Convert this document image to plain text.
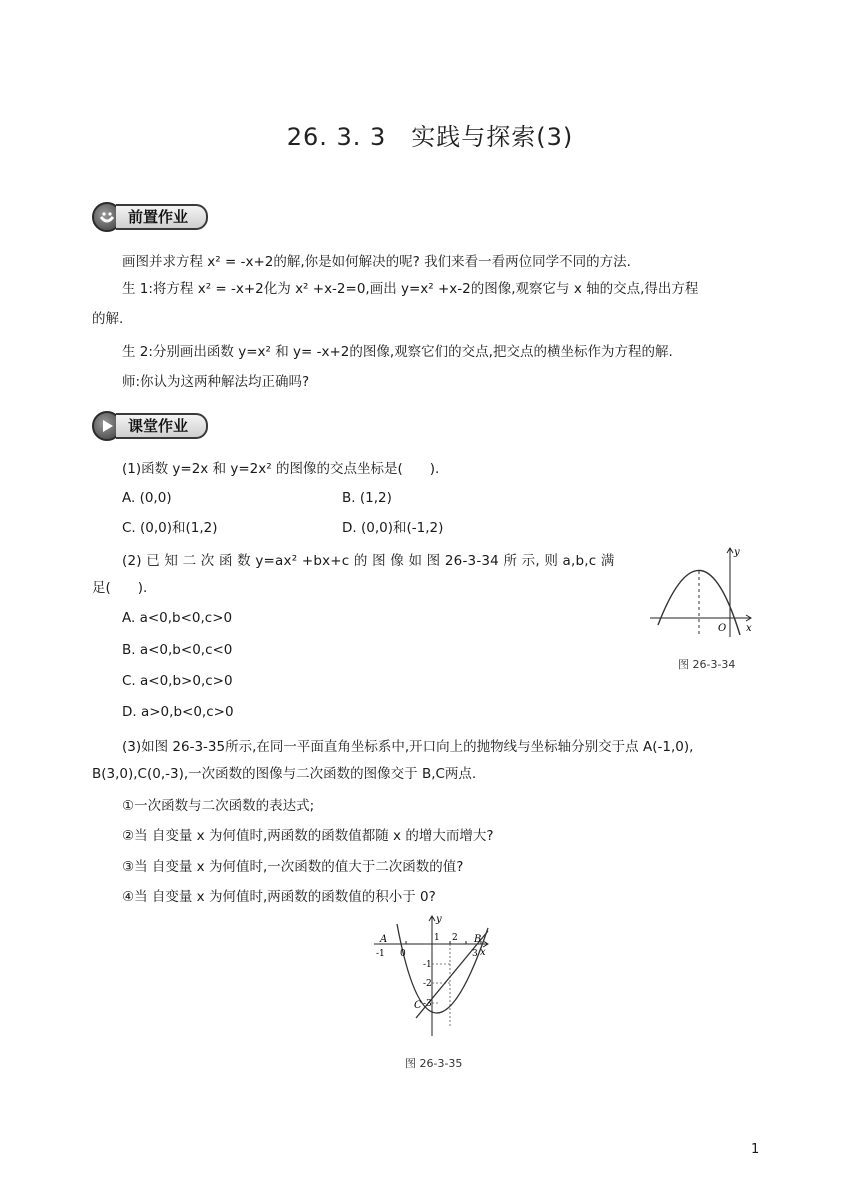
26. 3. 3　实践与探索(3)
前置作业
画图并求方程 x² = -x+2的解,你是如何解决的呢? 我们来看一看两位同学不同的方法.
生 1:将方程 x² = -x+2化为 x² +x-2=0,画出 y=x² +x-2的图像,观察它与 x 轴的交点,得出方程
的解.
生 2:分别画出函数 y=x² 和 y= -x+2的图像,观察它们的交点,把交点的横坐标作为方程的解.
师:你认为这两种解法均正确吗?
课堂作业
(1)函数 y=2x 和 y=2x² 的图像的交点坐标是(　　).
A. (0,0)	B. (1,2)
C. (0,0)和(1,2)	D. (0,0)和(-1,2)
(2) 已 知 二 次 函 数 y=ax² +bx+c 的 图 像 如 图 26-3-34 所 示, 则 a,b,c 满
足(　　).
A. a<0,b<0,c>0
B. a<0,b<0,c<0
C. a<0,b>0,c>0
D. a>0,b<0,c>0
y
x
O
图 26-3-34
(3)如图 26-3-35所示,在同一平面直角坐标系中,开口向上的抛物线与坐标轴分别交于点 A(-1,0),
B(3,0),C(0,-3),一次函数的图像与二次函数的图像交于 B,C两点.
①一次函数与二次函数的表达式;
②当 自变量 x 为何值时,两函数的函数值都随 x 的增大而增大?
③当 自变量 x 为何值时,一次函数的值大于二次函数的值?
④当 自变量 x 为何值时,两函数的函数值的积小于 0?
y
x
A	B
C
-1 0
1 2
3
-1
-2
-3
图 26-3-35
1
